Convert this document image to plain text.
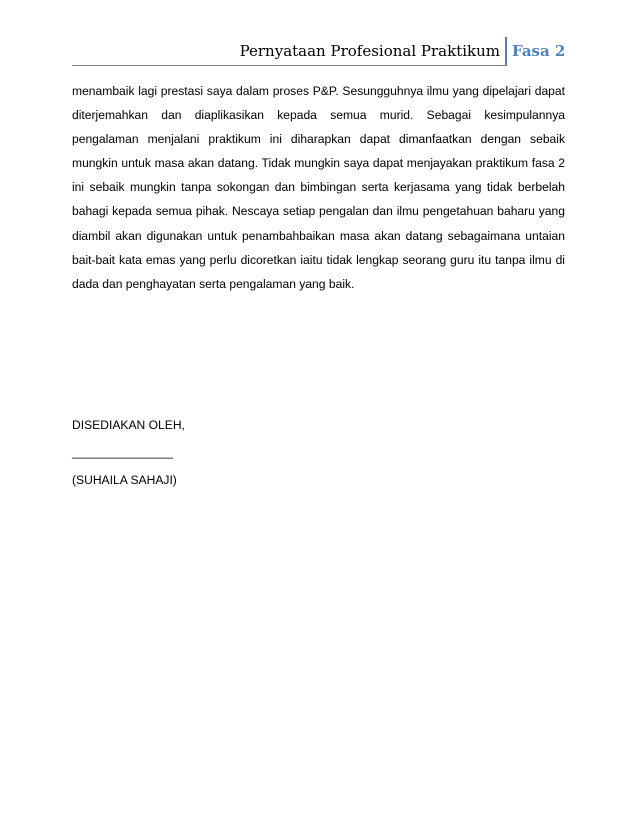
Pernyataan Profesional Praktikum Fasa 2

menambaik lagi prestasi saya dalam proses P&P. Sesungguhnya ilmu yang dipelajari dapat diterjemahkan dan diaplikasikan kepada semua murid. Sebagai kesimpulannya pengalaman menjalani praktikum ini diharapkan dapat dimanfaatkan dengan sebaik mungkin untuk masa akan datang. Tidak mungkin saya dapat menjayakan praktikum fasa 2 ini sebaik mungkin tanpa sokongan dan bimbingan serta kerjasama yang tidak berbelah bahagi kepada semua pihak. Nescaya setiap pengalan dan ilmu pengetahuan baharu yang diambil akan digunakan untuk penambahbaikan masa akan datang sebagaimana untaian bait-bait kata emas yang perlu dicoretkan iaitu tidak lengkap seorang guru itu tanpa ilmu di dada dan penghayatan serta pengalaman yang baik.

DISEDIAKAN OLEH,

_______________

(SUHAILA SAHAJI)
